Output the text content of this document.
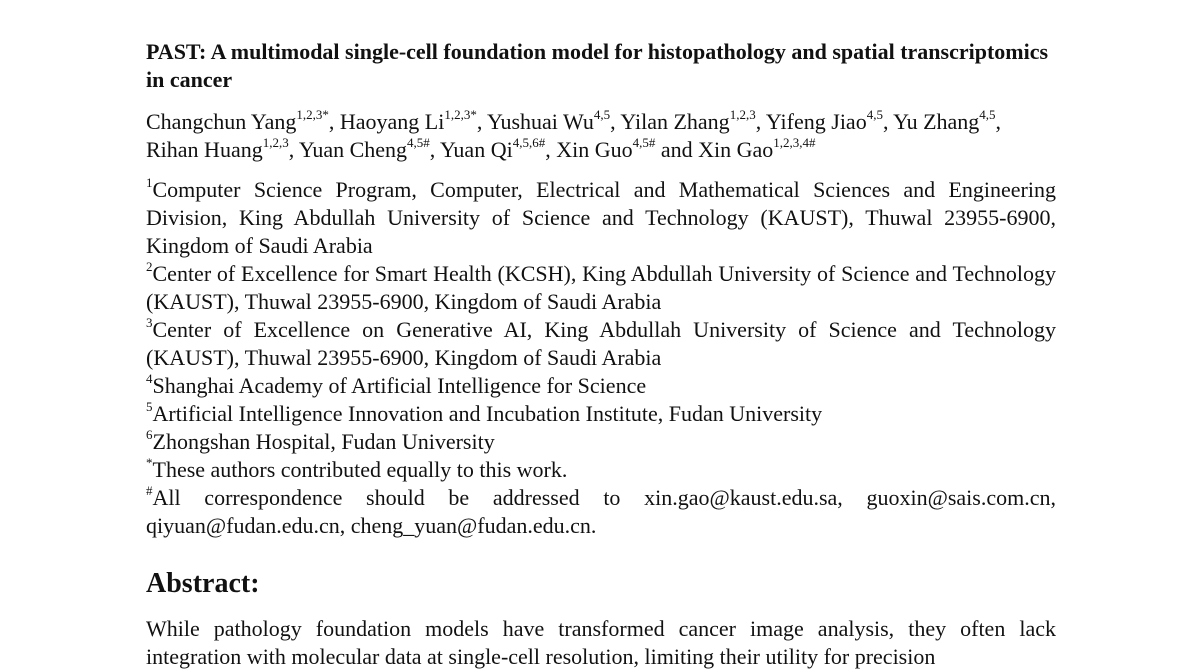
PAST: A multimodal single-cell foundation model for histopathology and spatial transcriptomics in cancer
Changchun Yang$^{1,2,3*}$, Haoyang $Li^{1,2,3*}$, Yushuai Wu$^{4,5}$, Yilan Zhang$^{1,2,3}$, Yifeng Jiao$^{4,5}$, Yu Zhang$^{4,5}$, Rihan Huang$^{1,2,3}$, Yuan Cheng$^{4,5\#}$, Yuan $Qi^{4,5,6\#}$, Xin Guo$^{4,5\#}$ and Xin Gao$^{1,2,3,4\#}$

$^1$Computer Science Program, Computer, Electrical and Mathematical Sciences and Engineering Division, King Abdullah University of Science and Technology (KAUST), Thuwal 23955-6900, Kingdom of Saudi Arabia

$^2$Center of Excellence for Smart Health (KCSH), King Abdullah University of Science and Technology (KAUST), Thuwal 23955-6900, Kingdom of Saudi Arabia

$^3$Center of Excellence on Generative AI, King Abdullah University of Science and Technology (KAUST), Thuwal 23955-6900, Kingdom of Saudi Arabia

$^4$Shanghai Academy of Artificial Intelligence for Science

$^5$Artificial Intelligence Innovation and Incubation Institute, Fudan University

$^6$Zhongshan Hospital, Fudan University

*These authors contributed equally to this work.

#All correspondence should be addressed to xin.gao@kaust.edu.sa, guoxin@sais.com.cn, qiyuan@fudan.edu.cn, cheng_yuan@fudan.edu.cn.

Abstract:
While pathology foundation models have transformed cancer image analysis, they often lack integration with molecular data at single-cell resolution, limiting their utility for precision
